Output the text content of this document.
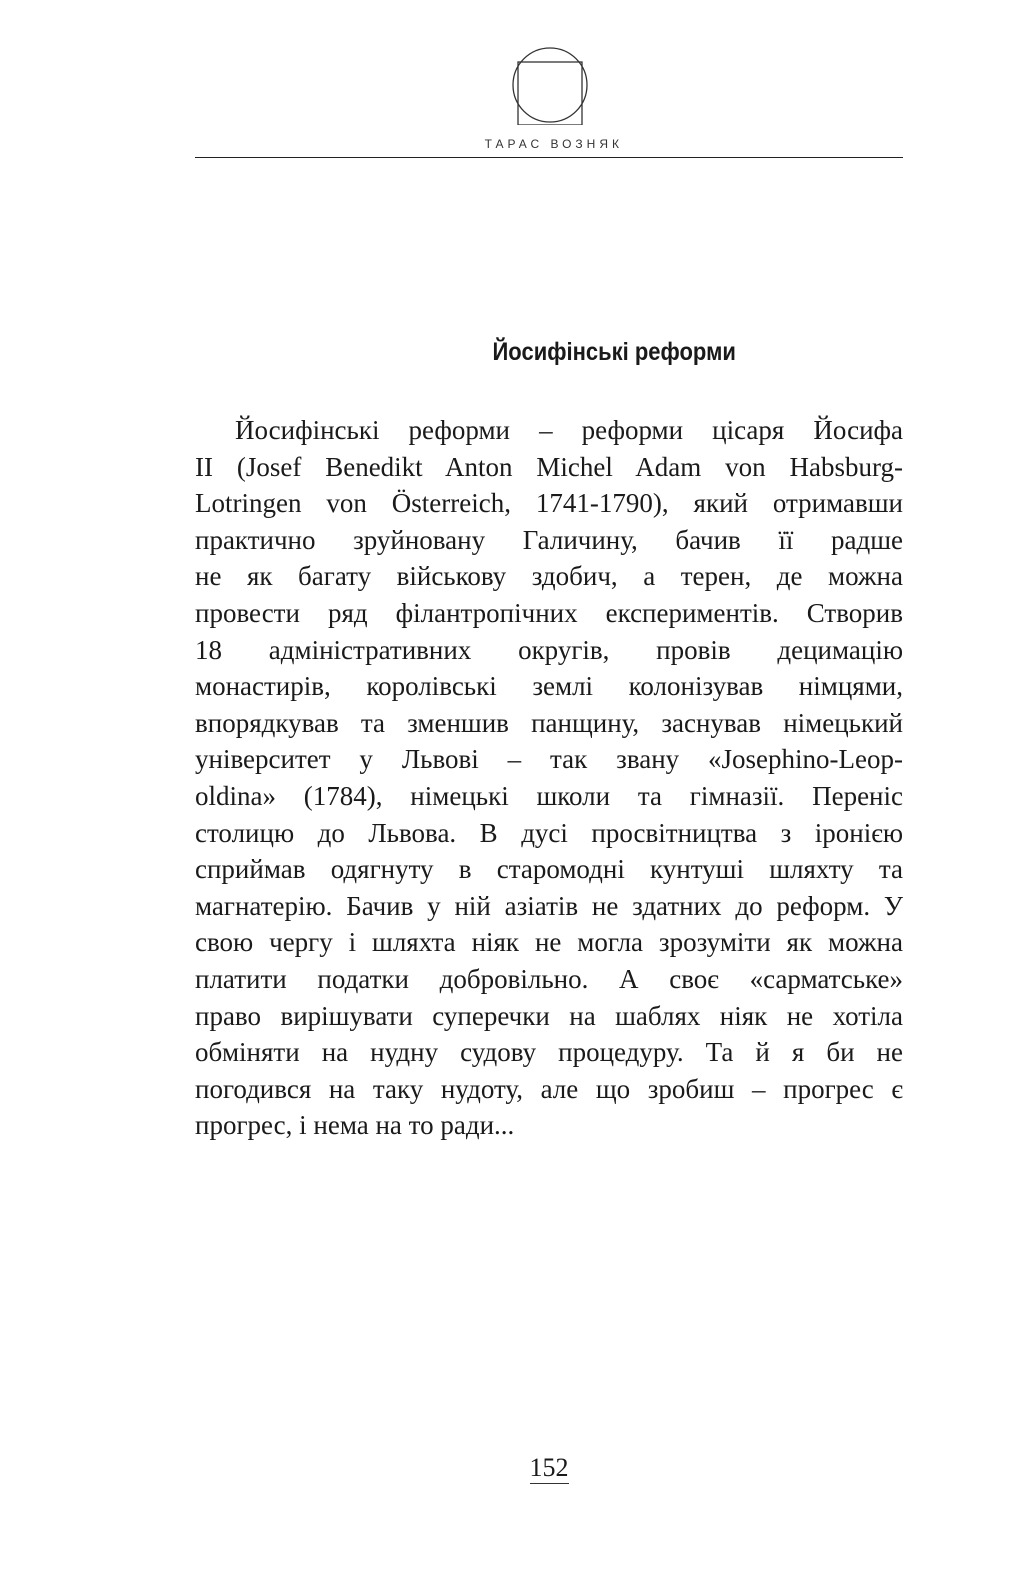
ТАРАС ВОЗНЯК
Йосифінські реформи

Йосифінські реформи – реформи цісаря Йосифа
II (Josef Benedikt Anton Michel Adam von Habsburg-
Lotringen von Österreich, 1741-1790), який отримавши
практично зруйновану Галичину, бачив її радше
не як багату військову здобич, а терен, де можна
провести ряд філантропічних експериментів. Створив
18 адміністративних округів, провів децимацію
монастирів, королівські землі колонізував німцями,
впорядкував та зменшив панщину, заснував німецький
університет у Львові – так звану «Josephino-Leop-
oldina» (1784), німецькі школи та гімназії. Переніс
столицю до Львова. В дусі просвітництва з іронією
сприймав одягнуту в старомодні кунтуші шляхту та
магнатерію. Бачив у ній азіатів не здатних до реформ. У
свою чергу і шляхта ніяк не могла зрозуміти як можна
платити податки добровільно. А своє «сарматське»
право вирішувати суперечки на шаблях ніяк не хотіла
обміняти на нудну судову процедуру. Та й я би не
погодився на таку нудоту, але що зробиш – прогрес є
прогрес, і нема на то ради...

152
